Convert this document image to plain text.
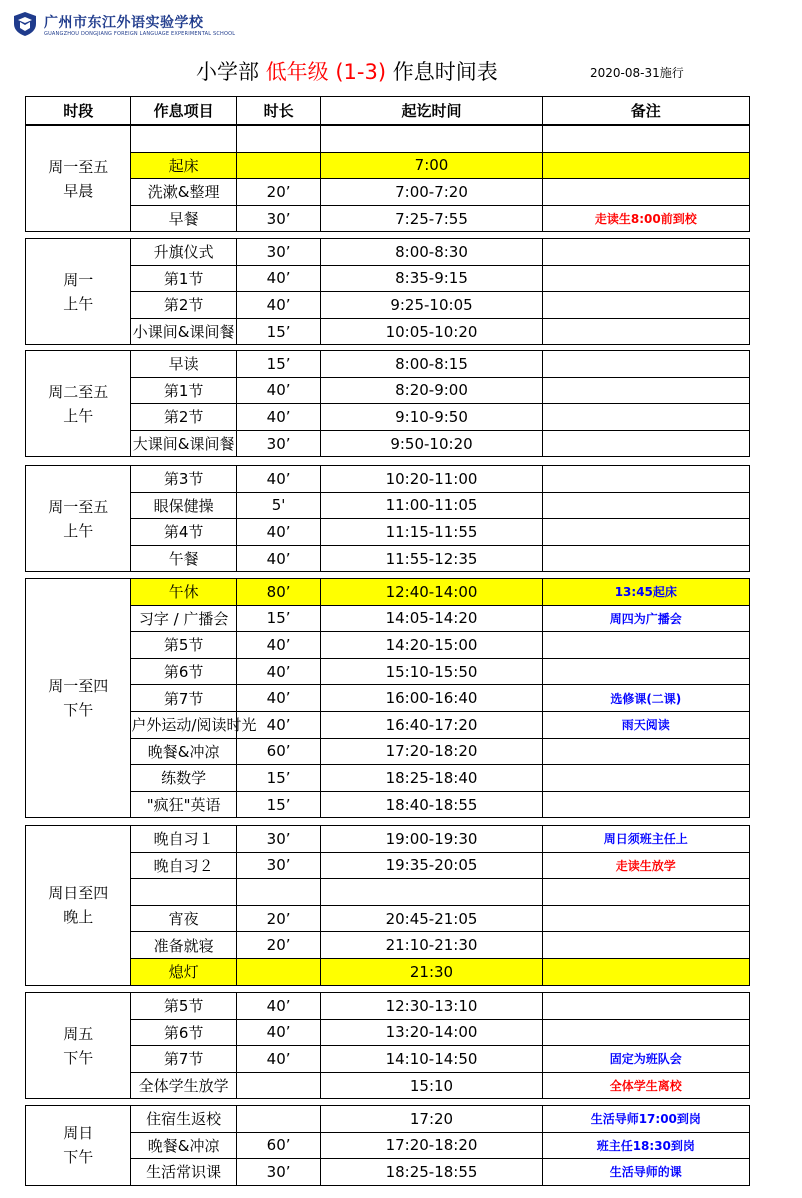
广州市东江外语实验学校
GUANGZHOU DONGJIANG FOREIGN LANGUAGE EXPERIMENTAL SCHOOL
小学部 低年级 (1-3) 作息时间表	2020-08-31施行
时段	作息项目	时长	起讫时间	备注
周一至五
早晨				

	起床		7:00	
	洗漱&整理	20’	7:00-7:20	
	早餐	30’	7:25-7:55	走读生8:00前到校
周一
上午	升旗仪式	30’	8:00-8:30	
	第1节	40’	8:35-9:15	
	第2节	40’	9:25-10:05	
	小课间&课间餐	15’	10:05-10:20	
周二至五
上午	早读	15’	8:00-8:15	
	第1节	40’	8:20-9:00	
	第2节	40’	9:10-9:50	
	大课间&课间餐	30’	9:50-10:20	
周一至五
上午	第3节	40’	10:20-11:00	
	眼保健操	5'	11:00-11:05	
	第4节	40’	11:15-11:55	
	午餐	40’	11:55-12:35	
周一至四
下午	午休	80’	12:40-14:00	13:45起床
	习字 / 广播会	15’	14:05-14:20	周四为广播会
	第5节	40’	14:20-15:00	
	第6节	40’	15:10-15:50	
	第7节	40’	16:00-16:40	选修课(二课)
	户外运动/阅读时光	40’	16:40-17:20	雨天阅读
	晚餐&冲凉	60’	17:20-18:20	
	练数学	15’	18:25-18:40	
	"疯狂"英语	15’	18:40-18:55	
周日至四
晚上	晚自习１	30’	19:00-19:30	周日须班主任上
	晚自习２	30’	19:35-20:05	走读生放学

	宵夜	20’	20:45-21:05	
	准备就寝	20’	21:10-21:30	
	熄灯		21:30	
周五
下午	第5节	40’	12:30-13:10	
	第6节	40’	13:20-14:00	
	第7节	40’	14:10-14:50	固定为班队会
	全体学生放学		15:10	全体学生离校
周日
下午	住宿生返校		17:20	生活导师17:00到岗
	晚餐&冲凉	60’	17:20-18:20	班主任18:30到岗
	生活常识课	30’	18:25-18:55	生活导师的课
